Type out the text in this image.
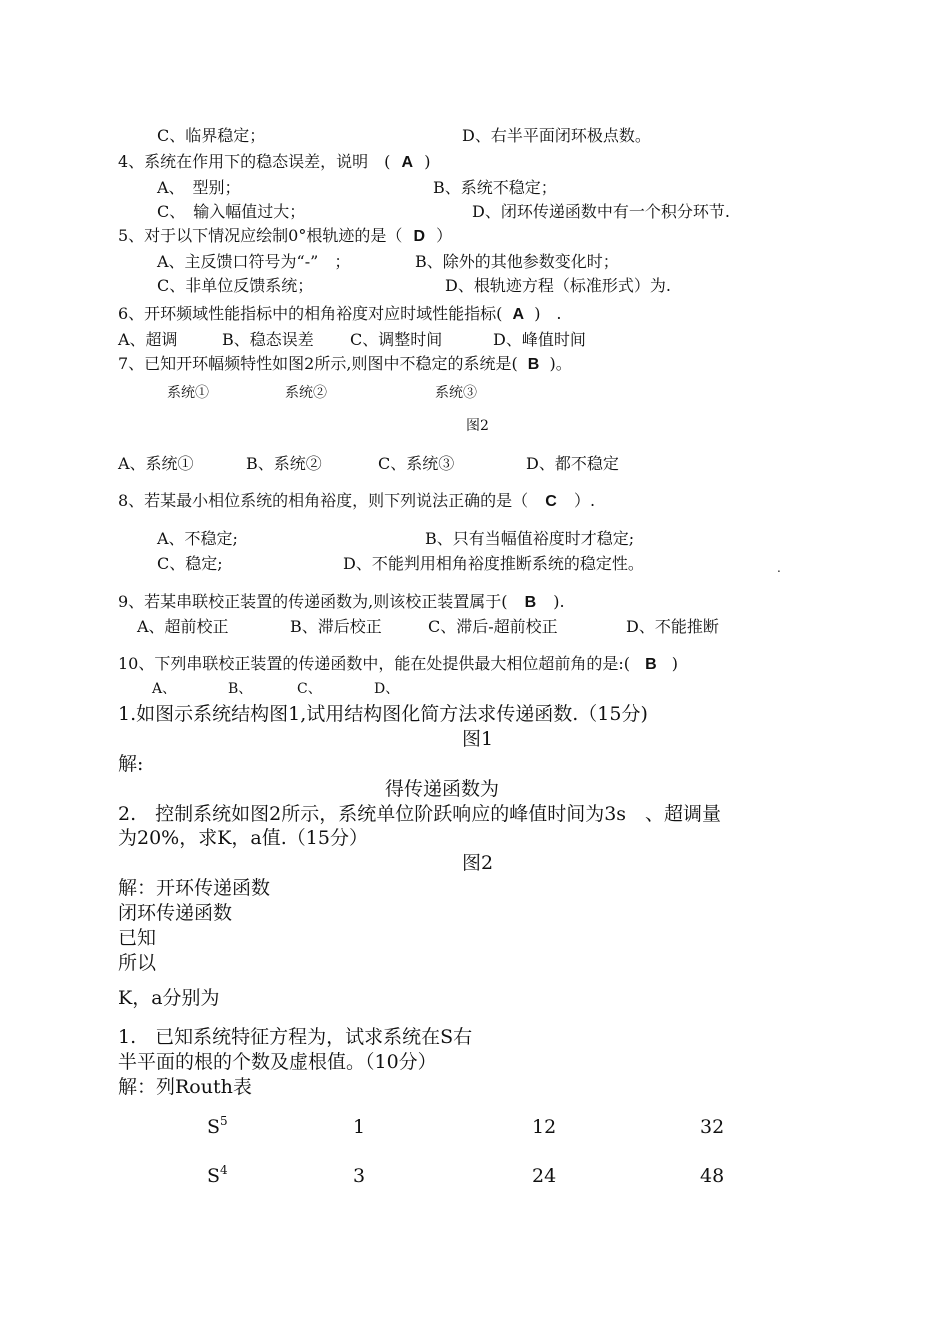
C、临界稳定；	D、右半平面闭环极点数。
4、系统在作用下的稳态误差，说明　( A )
A、　型别；	B、系统不稳定；
C、　输入幅值过大；	D、闭环传递函数中有一个积分环节.
5、对于以下情况应绘制0°根轨迹的是（ D ）
A、主反馈口符号为“-”　；	B、除外的其他参数变化时；
C、非单位反馈系统；	D、根轨迹方程（标准形式）为.
6、开环频域性能指标中的相角裕度对应时域性能指标( A )　.
A、超调	B、稳态误差 C、调整时间	D、峰值时间
7、已知开环幅频特性如图2所示,则图中不稳定的系统是( B )。
系统①	系统②	系统③
图2
A、系统①	B、系统②	C、系统③	D、都不稳定
8、若某最小相位系统的相角裕度，则下列说法正确的是（ C ）.
A、不稳定;	B、只有当幅值裕度时才稳定;
C、稳定;	D、不能判用相角裕度推断系统的稳定性。	.
9、若某串联校正装置的传递函数为,则该校正装置属于( B ).
A、超前校正	B、滞后校正	C、滞后-超前校正	D、不能推断
10、下列串联校正装置的传递函数中，能在处提供最大相位超前角的是:( B )
A、	B、	C、	D、
1.如图示系统结构图1,试用结构图化简方法求传递函数.（15分)
图1
解:
得传递函数为
2.　控制系统如图2所示，系统单位阶跃响应的峰值时间为3s　、超调量
为20%，求K，a值.（15分）
图2
解：开环传递函数
闭环传递函数
已知
所以
K，a分别为
1.　已知系统特征方程为，试求系统在S右
半平面的根的个数及虚根值。（10分）
解：列Routh表
$S^5$	1	12	32
$S^4$	3	24	48
